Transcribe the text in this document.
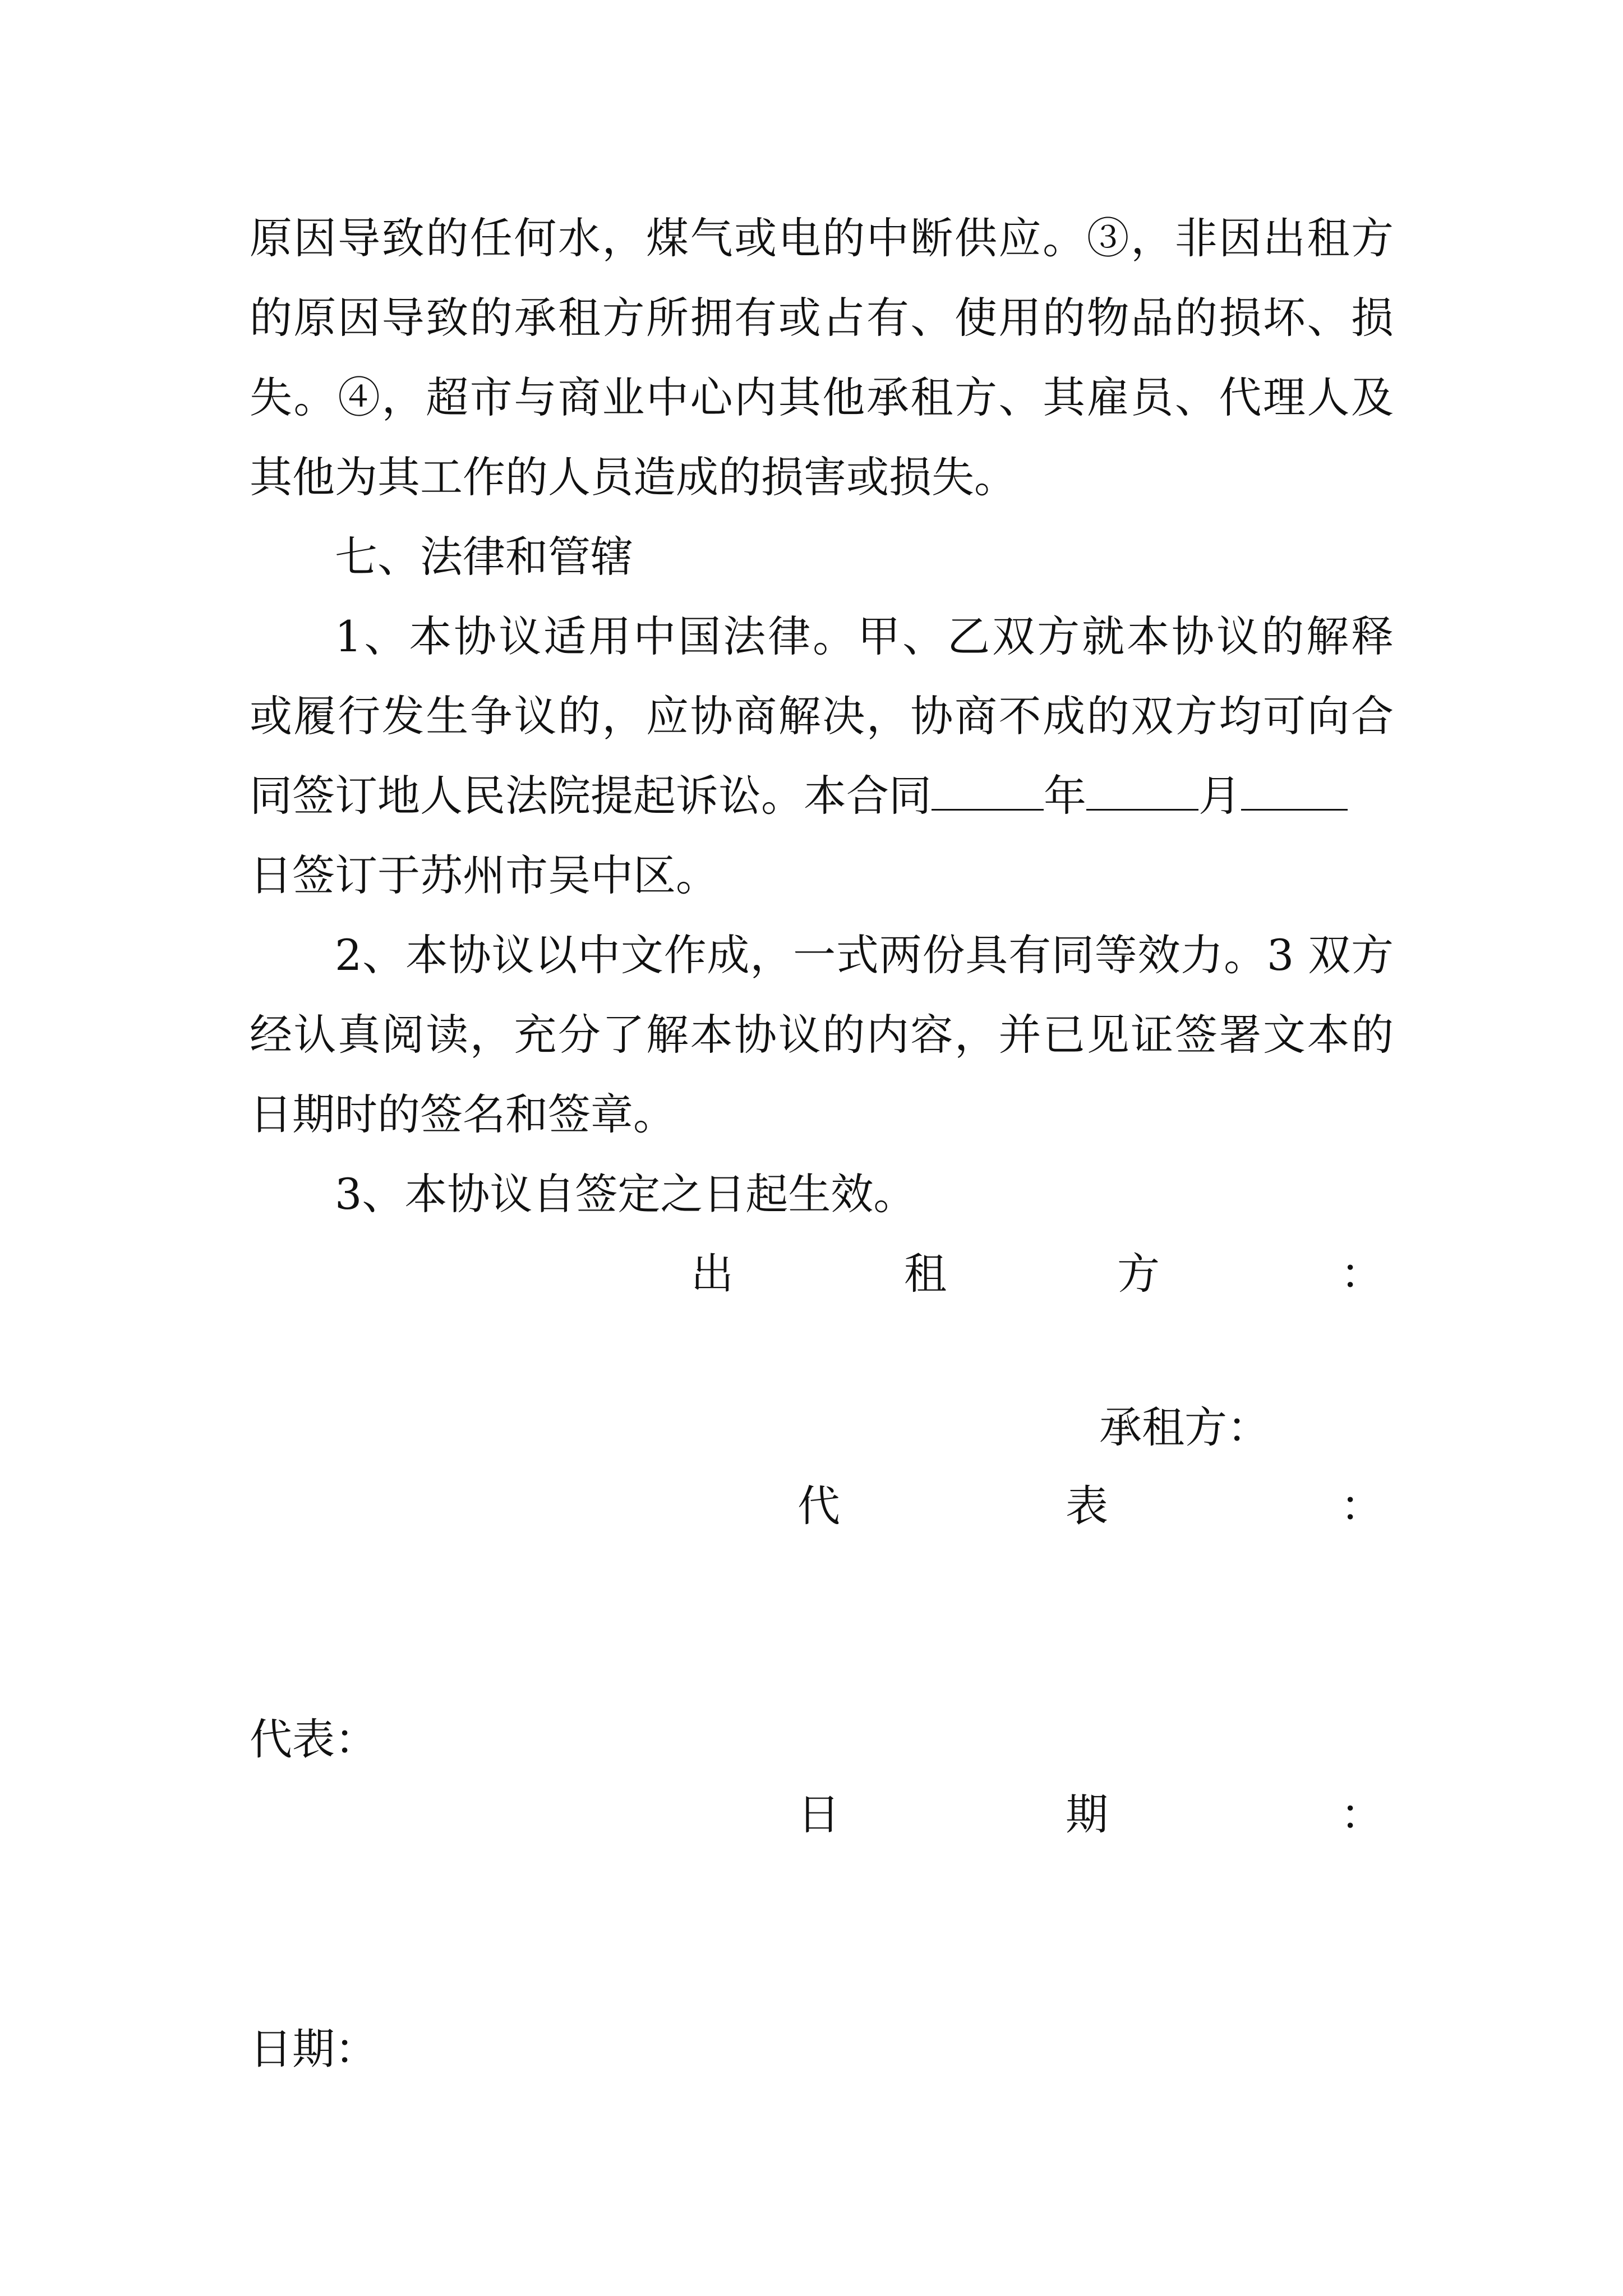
原因导致的任何水，煤气或电的中断供应。③，非因出租方

的原因导致的承租方所拥有或占有、使用的物品的损坏、损

失。④，超市与商业中心内其他承租方、其雇员、代理人及

其他为其工作的人员造成的损害或损失。

七、法律和管辖

1、本协议适用中国法律。甲、乙双方就本协议的解释

或履行发生争议的，应协商解决，协商不成的双方均可向合

同签订地人民法院提起诉讼。本合同	年	月

日签订于苏州市吴中区。

2、本协议以中文作成，一式两份具有同等效力。3 双方

经认真阅读，充分了解本协议的内容，并已见证签署文本的

日期时的签名和签章。

3、本协议自签定之日起生效。

出	租	方	：
承租方：
代	表	：
代表：
日	期	：
日期：
